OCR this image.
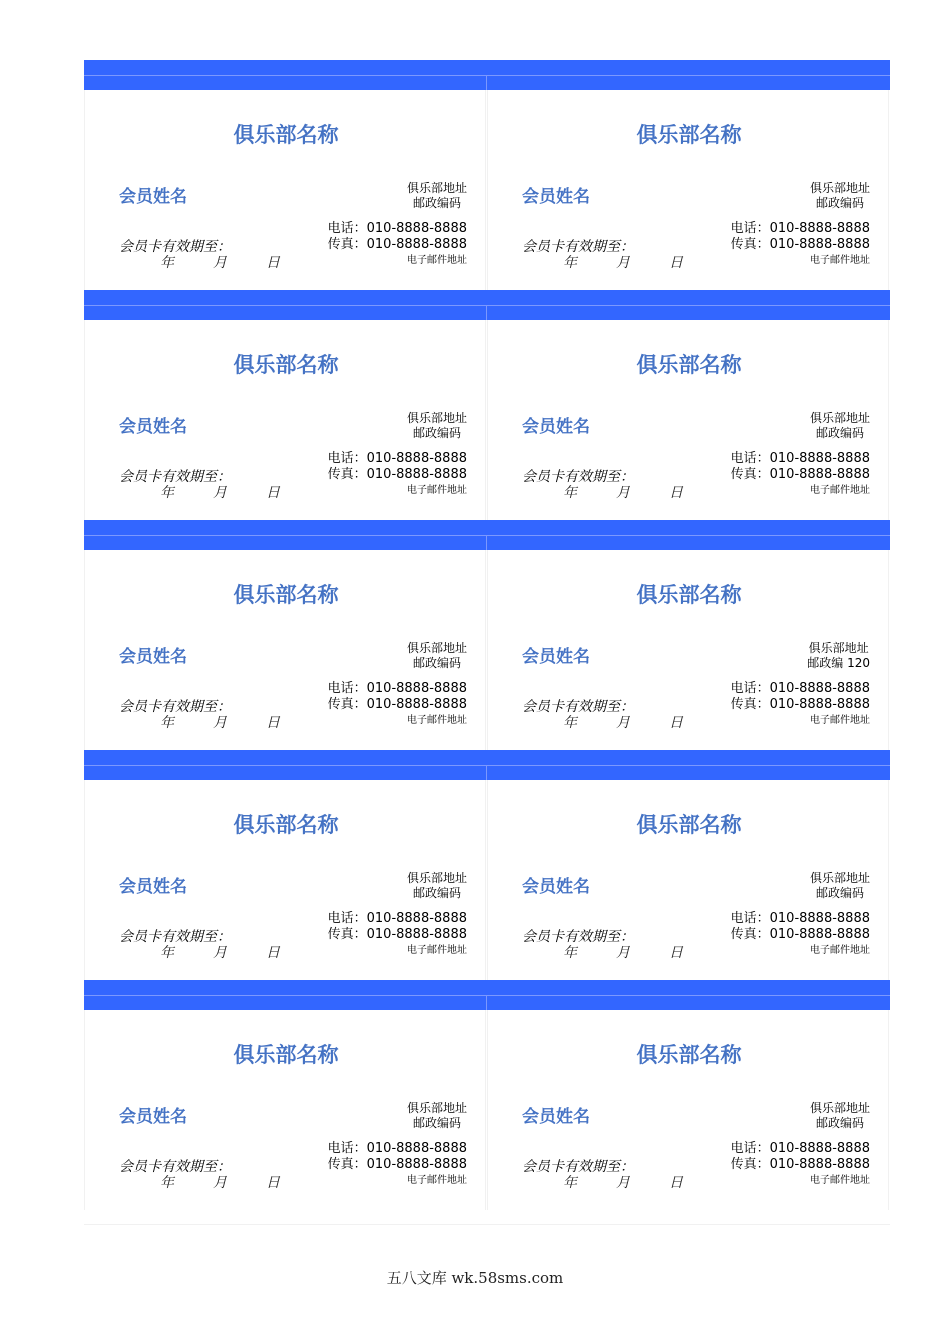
俱乐部名称
会员姓名	俱乐部地址
邮政编码
电话：010-8888-8888
传真：010-8888-8888
电子邮件地址
会员卡有效期至：
年	月	日
俱乐部名称
会员姓名	俱乐部地址
邮政编码
电话：010-8888-8888
传真：010-8888-8888
电子邮件地址
会员卡有效期至：
年	月	日
俱乐部名称
会员姓名	俱乐部地址
邮政编码
电话：010-8888-8888
传真：010-8888-8888
电子邮件地址
会员卡有效期至：
年	月	日
俱乐部名称
会员姓名	俱乐部地址
邮政编码
电话：010-8888-8888
传真：010-8888-8888
电子邮件地址
会员卡有效期至：
年	月	日
俱乐部名称
会员姓名	俱乐部地址
邮政编码
电话：010-8888-8888
传真：010-8888-8888
电子邮件地址
会员卡有效期至：
年	月	日
俱乐部名称
会员姓名	俱乐部地址
邮政编 120
电话：010-8888-8888
传真：010-8888-8888
电子邮件地址
会员卡有效期至：
年	月	日
俱乐部名称
会员姓名	俱乐部地址
邮政编码
电话：010-8888-8888
传真：010-8888-8888
电子邮件地址
会员卡有效期至：
年	月	日
俱乐部名称
会员姓名	俱乐部地址
邮政编码
电话：010-8888-8888
传真：010-8888-8888
电子邮件地址
会员卡有效期至：
年	月	日
俱乐部名称
会员姓名	俱乐部地址
邮政编码
电话：010-8888-8888
传真：010-8888-8888
电子邮件地址
会员卡有效期至：
年	月	日
俱乐部名称
会员姓名	俱乐部地址
邮政编码
电话：010-8888-8888
传真：010-8888-8888
电子邮件地址
会员卡有效期至：
年	月	日
五八文库 wk.58sms.com
